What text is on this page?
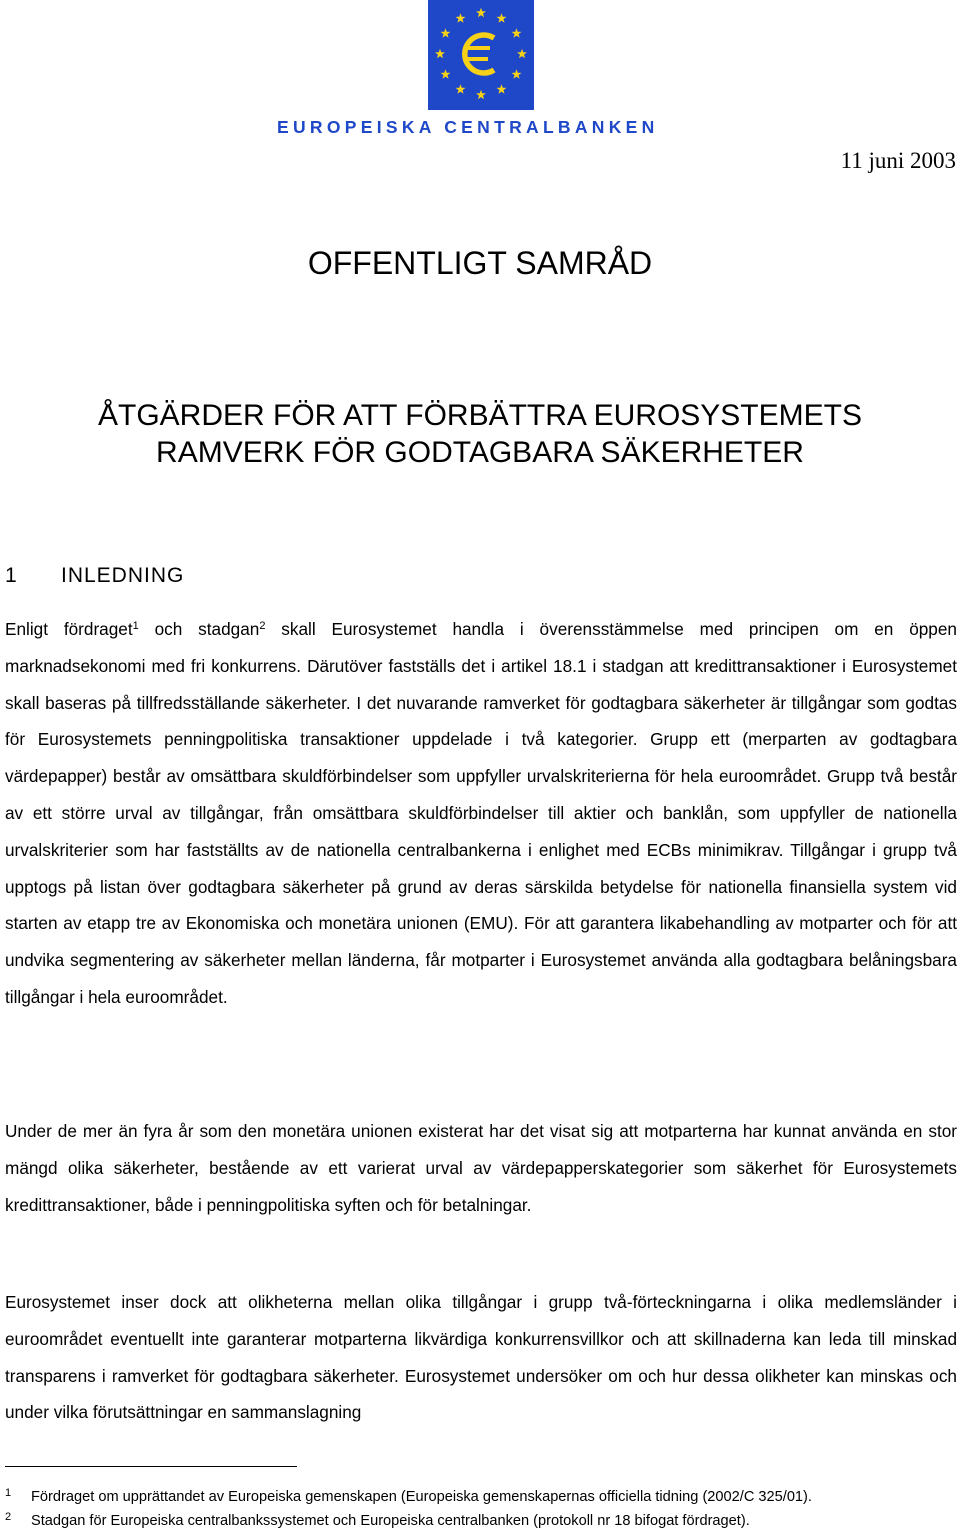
EUROPEISKA CENTRALBANKEN
11 juni 2003
OFFENTLIGT SAMRÅD
ÅTGÄRDER FÖR ATT FÖRBÄTTRA EUROSYSTEMETS
RAMVERK FÖR GODTAGBARA SÄKERHETER
1 INLEDNING

Enligt fördraget$^1$ och stadgan$^2$ skall Eurosystemet handla i överensstämmelse med principen om en öppen marknadsekonomi med fri konkurrens. Därutöver fastställs det i artikel 18.1 i stadgan att kredittransaktioner i Eurosystemet skall baseras på tillfredsställande säkerheter. I det nuvarande ramverket för godtagbara säkerheter är tillgångar som godtas för Eurosystemets penningpolitiska transaktioner uppdelade i två kategorier. Grupp ett (merparten av godtagbara värdepapper) består av omsättbara skuldförbindelser som uppfyller urvalskriterierna för hela euroområdet. Grupp två består av ett större urval av tillgångar, från omsättbara skuldförbindelser till aktier och banklån, som uppfyller de nationella urvalskriterier som har fastställts av de nationella centralbankerna i enlighet med ECBs minimikrav. Tillgångar i grupp två upptogs på listan över godtagbara säkerheter på grund av deras särskilda betydelse för nationella finansiella system vid starten av etapp tre av Ekonomiska och monetära unionen (EMU). För att garantera likabehandling av motparter och för att undvika segmentering av säkerheter mellan länderna, får motparter i Eurosystemet använda alla godtagbara belåningsbara tillgångar i hela euroområdet.

Under de mer än fyra år som den monetära unionen existerat har det visat sig att motparterna har kunnat använda en stor mängd olika säkerheter, bestående av ett varierat urval av värdepapperskategorier som säkerhet för Eurosystemets kredittransaktioner, både i penningpolitiska syften och för betalningar.

Eurosystemet inser dock att olikheterna mellan olika tillgångar i grupp två-förteckningarna i olika medlemsländer i euroområdet eventuellt inte garanterar motparterna likvärdiga konkurrensvillkor och att skillnaderna kan leda till minskad transparens i ramverket för godtagbara säkerheter. Eurosystemet undersöker om och hur dessa olikheter kan minskas och under vilka förutsättningar en sammanslagning

1 Fördraget om upprättandet av Europeiska gemenskapen (Europeiska gemenskapernas officiella tidning (2002/C 325/01).
2 Stadgan för Europeiska centralbankssystemet och Europeiska centralbanken (protokoll nr 18 bifogat fördraget).
